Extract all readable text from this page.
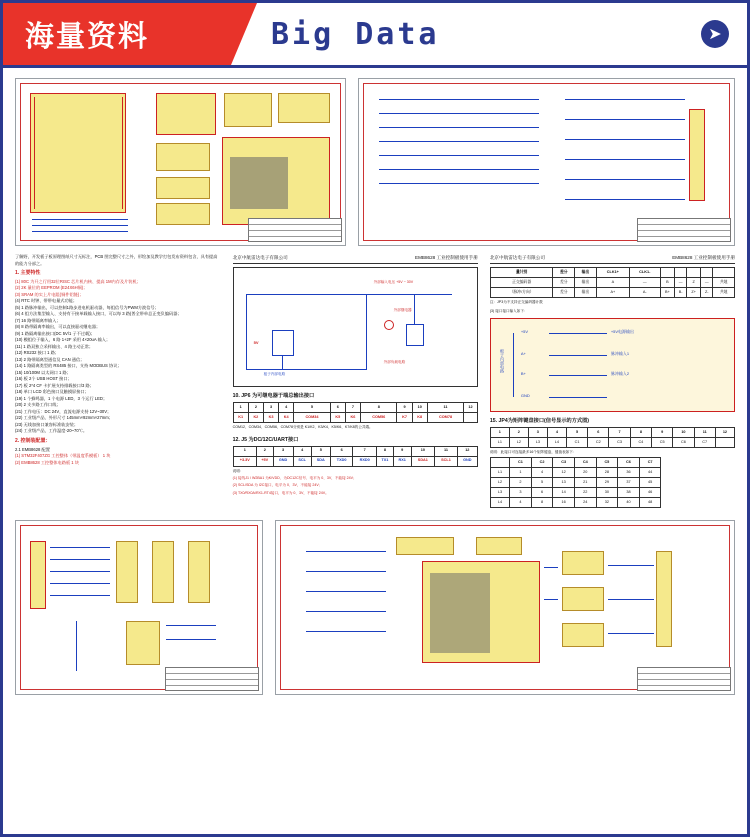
海量资料	Big Data	➤

了解野，开发板子板原理图纸尺寸无标注，PCB 图完整尺寸之外，形绘加及教学打包发布资料包含，具有提高的能力分部之。

1. 主要特性

(1) 80C 为开之行用32位RISC 芯片机内核、提高 1M内存及片装机；

(2) 2K 量位的 EEPROM (E24X6H铜)；

(3) SRAM 的实上片电阻(铜件铝链)；

(4) RTC 时钟、带带电量式功能；

(5) 1 路脉冲输出，可以控制1路步进电机驱动器，每组信号为PWM方波信号；

(6) 4 组方法集型输入、支持有干接单载输入接口，可以每 3 路(普全带单总正变负编码器；

(7) 16 路带隔离率输入；

(8) 8 路带隔离率输出，可以直接驱动继电器；

(9) 1 路隔离输出接口(DC 5V/1 子不过载)；

(10) 模组位于输入，6 路 1+2F 采用 4×20uA 输入；

(11) 1 路双独立采样输出、4 路主动正常；

(12) RS232 接口 1 路；

(13) 2 路带隔离型通信及 CAN 通信；

(14) 1 路隔离类型的 RS485 接口，支持 MODBUS 协议；

(15) 10/100M 以太网口 1 路；

(16) 板 2个 USB HOST 接口；

(17) 板 2*4 CF 卡扩展支持排载接口/3 路；

(18) 单口 LCD 彩色接口及触摸屏接口；

(19) 1 个蜂鸣器，1 个电源 LED，3 个运行 LED；

(20) 2 支多路工作口线；

(21) 工作电压：DC 24V，直流电源支持 12V~30V；

(22) 工业级产品、外形尺寸 145mm×92mm×27mm；

(23) 无线加接口兼容标准轨安装；

(24) 工业级产品，工作温度-20~70℃。

2. 控制装配置：

2.1 EMB8628 配置

(1) STM32F407ZG 工控整体（带温度系模板） 1 块

(2) EMB8628 工控整体电路板 1 块

北京中航雷达电子有限公司	EMB8628 工业控制板使用手册
外部输入电压 +5V ~ 30V
板子内部电路
外部继电器
外部负载电路
5V
10. JP6 为可继电器于端总输出接口
1	2	3	4	5	6	7	8	9	10	11	12
K1	K2	K3	K4	COM34	K5	K6	COM56	K7	K8	COM78	
COM12、COM34、COM56、COM78分别是 K1/K2、K3/K4、K5/K6、K7/K8的公共端。
12. J5 为DC/12C/UART接口
1	2	3	4	5	6	7	8	9	10	11	12
+3.3V	+5V	GND	SCL	SDA	TXD0	RXD0	TX1	RX1	SDA1	SCL1	GND
说明：
(1) 接线J1 / W2BA1 为K/VDD、为DC12C信号、电平为 0、3V，不能接 24V；
(2) SCL/SDA 为 I2C接口，电平为 0、3V，不能接 24V；
(3) TX0/RX0A/RX1-RT4接口，电平为 0、3V，不能接 24V。
北京中航雷达电子有限公司	EMB8628 工业控制板使用手册
量计别	差分	输出	CLK1+	CLK1-					
正交编码器	差分	输出	A	—	B	—	Z	—	共地
（脉冲/方向）	差分	输出	A+	A-	B+	B-	Z+	Z-	共地
注：JP3为不支持正交编码器计数
(3) 接口接口输入如下：
+5V
A+
B+
GND
板子内部电路
+5V电源输出
脉冲输入1
脉冲输入2
15. JP4为矩阵键盘接口(信号显示的方式图)
1	2	3	4	5	6	7	8	9	10	11	12
L1	L2	L3	L4	C1	C2	C3	C4	C5	C6	C7	
说明：此接口可连接最多16个矩阵键盘，键值表如下：
	C1	C2	C3	C4	C5	C6	C7
L1	1	4	12	20	28	36	44
L2	2	5	13	21	29	37	45
L3	3	6	14	22	30	38	46
L4	4	8	16	24	32	40	48
